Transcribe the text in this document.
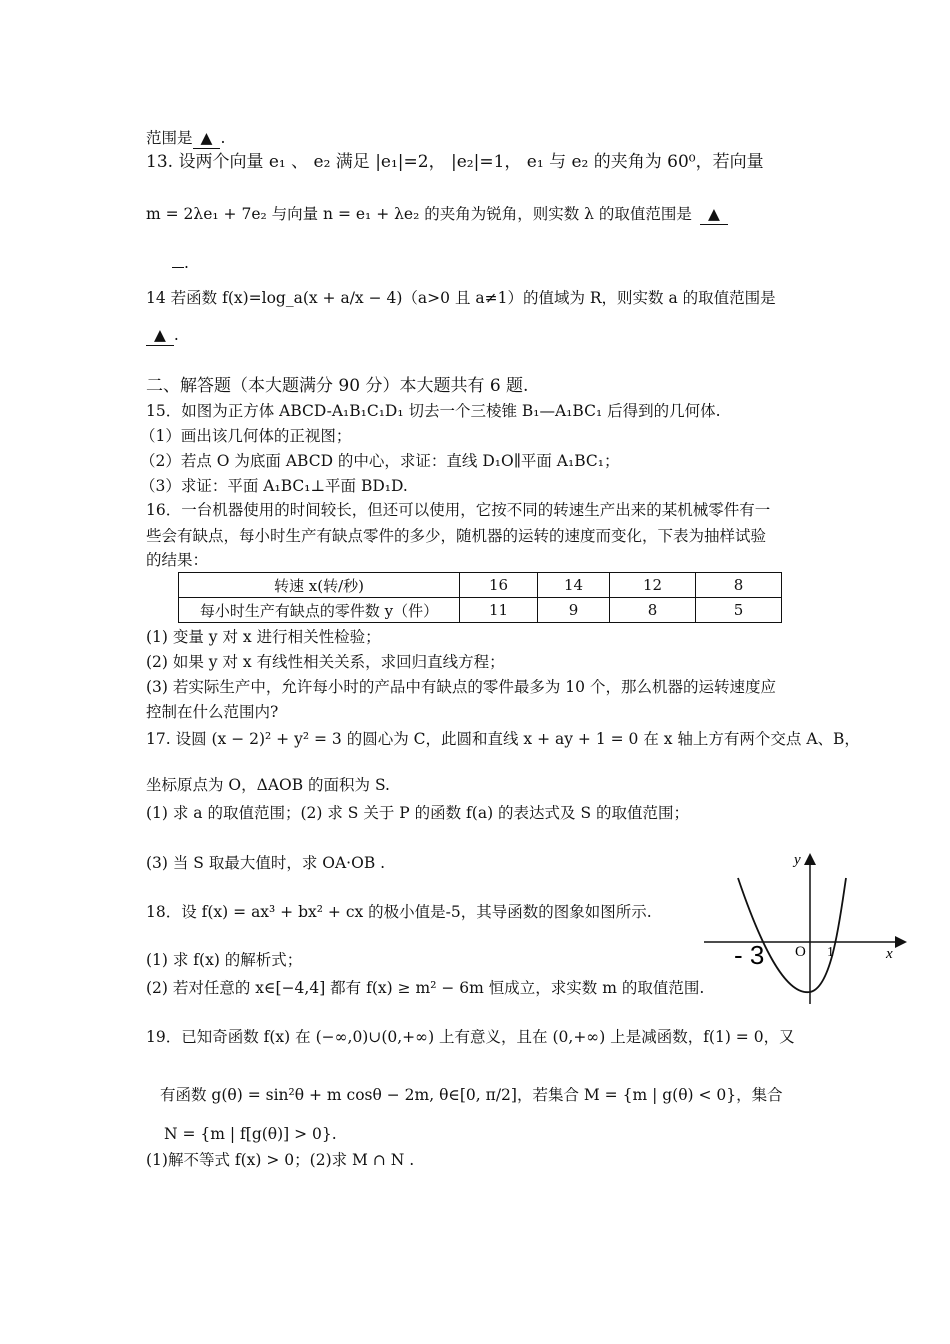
范围是 ▲ .
13. 设两个向量 e₁ 、 e₂ 满足 |e₁|=2， |e₂|=1， e₁ 与 e₂ 的夹角为 60⁰，若向量
m = 2λe₁ + 7e₂ 与向量 n = e₁ + λe₂ 的夹角为锐角，则实数 λ 的取值范围是 ▲
.
14 若函数 f(x)=log_a(x + a/x − 4)（a>0 且 a≠1）的值域为 R，则实数 a 的取值范围是
▲ .
二、解答题（本大题满分 90 分）本大题共有 6 题.
15．如图为正方体 ABCD-A₁B₁C₁D₁ 切去一个三棱锥 B₁—A₁BC₁ 后得到的几何体.
（1）画出该几何体的正视图；
（2）若点 O 为底面 ABCD 的中心，求证：直线 D₁O∥平面 A₁BC₁；
（3）求证：平面 A₁BC₁⊥平面 BD₁D.
16．一台机器使用的时间较长，但还可以使用，它按不同的转速生产出来的某机械零件有一
些会有缺点，每小时生产有缺点零件的多少，随机器的运转的速度而变化，下表为抽样试验
的结果：
转速 x(转/秒)	16	14	12	8
每小时生产有缺点的零件数 y（件）	11	9	8	5
(1) 变量 y 对 x 进行相关性检验；
(2) 如果 y 对 x 有线性相关关系，求回归直线方程；
(3) 若实际生产中，允许每小时的产品中有缺点的零件最多为 10 个，那么机器的运转速度应
控制在什么范围内?
17. 设圆 (x − 2)² + y² = 3 的圆心为 C，此圆和直线 x + ay + 1 = 0 在 x 轴上方有两个交点 A、B，
坐标原点为 O，ΔAOB 的面积为 S.
(1) 求 a 的取值范围；(2) 求 S 关于 P 的函数 f(a) 的表达式及 S 的取值范围；
(3) 当 S 取最大值时，求 OA·OB .
18．设 f(x) = ax³ + bx² + cx 的极小值是-5，其导函数的图象如图所示.
(1) 求 f(x) 的解析式；
(2) 若对任意的 x∈[−4,4] 都有 f(x) ≥ m² − 6m 恒成立，求实数 m 的取值范围.
y
x
O
- 3	1
19．已知奇函数 f(x) 在 (−∞,0)∪(0,+∞) 上有意义，且在 (0,+∞) 上是减函数，f(1) = 0，又
有函数 g(θ) = sin²θ + m cosθ − 2m, θ∈[0, π/2]，若集合 M = {m | g(θ) < 0}，集合
N = {m | f[g(θ)] > 0}.
(1)解不等式 f(x) > 0；(2)求 M ∩ N .
